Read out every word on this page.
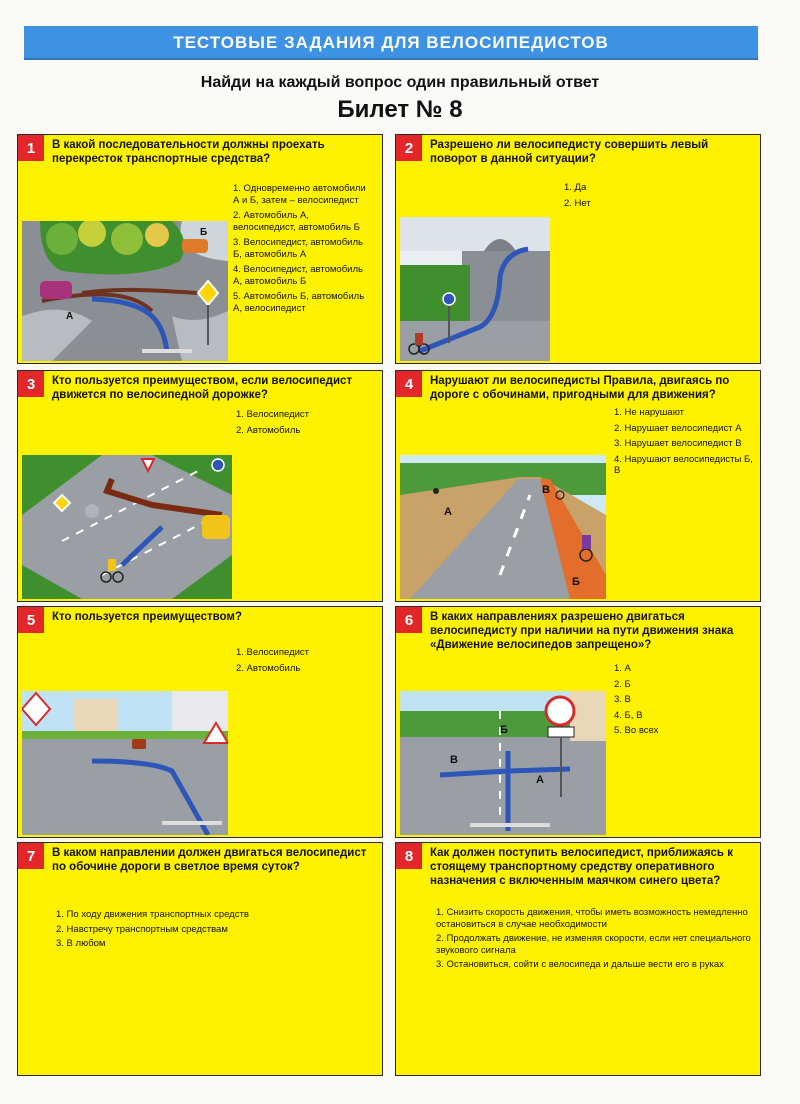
ТЕСТОВЫЕ ЗАДАНИЯ ДЛЯ ВЕЛОСИПЕДИСТОВ
Найди на каждый вопрос один правильный ответ
Билет № 8
1	В какой последовательности должны проехать перекресток транспортные средства?
1. Одновременно автомобили А и Б, затем – велосипедист
2. Автомобиль А, велосипедист, автомобиль Б
3. Велосипедист, автомобиль Б, автомобиль А
4. Велосипедист, автомобиль А, автомобиль Б
5. Автомобиль Б, автомобиль А, велосипедист
А
Б
2	Разрешено ли велосипедисту совершить левый поворот в данной ситуации?
1. Да
2. Нет
3	Кто пользуется преимуществом, если велосипедист движется по велосипедной дорожке?
1. Велосипедист
2. Автомобиль
4	Нарушают ли велосипедисты Правила, двигаясь по дороге с обочинами, пригодными для движения?
1. Не нарушают
2. Нарушает велосипедист А
3. Нарушает велосипедист В
4. Нарушают велосипедисты Б, В
А
Б
В
5	Кто пользуется преимуществом?
1. Велосипедист
2. Автомобиль
6	В каких направлениях разрешено двигаться велосипедисту при наличии на пути движения знака «Движение велосипедов запрещено»?
1. А
2. Б
3. В
4. Б, В
5. Во всех
Б
А
В
7	В каком направлении должен двигаться велосипедист по обочине дороги в светлое время суток?
1. По ходу движения транспортных средств
2. Навстречу транспортным средствам
3. В любом
8	Как должен поступить велосипедист, приближаясь к стоящему транспортному средству оперативного назначения с включенным маячком синего цвета?
1. Снизить скорость движения, чтобы иметь возможность немедленно остановиться в случае необходимости
2. Продолжать движение, не изменяя скорости, если нет специального звукового сигнала
3. Остановиться, сойти с велосипеда и дальше вести его в руках
